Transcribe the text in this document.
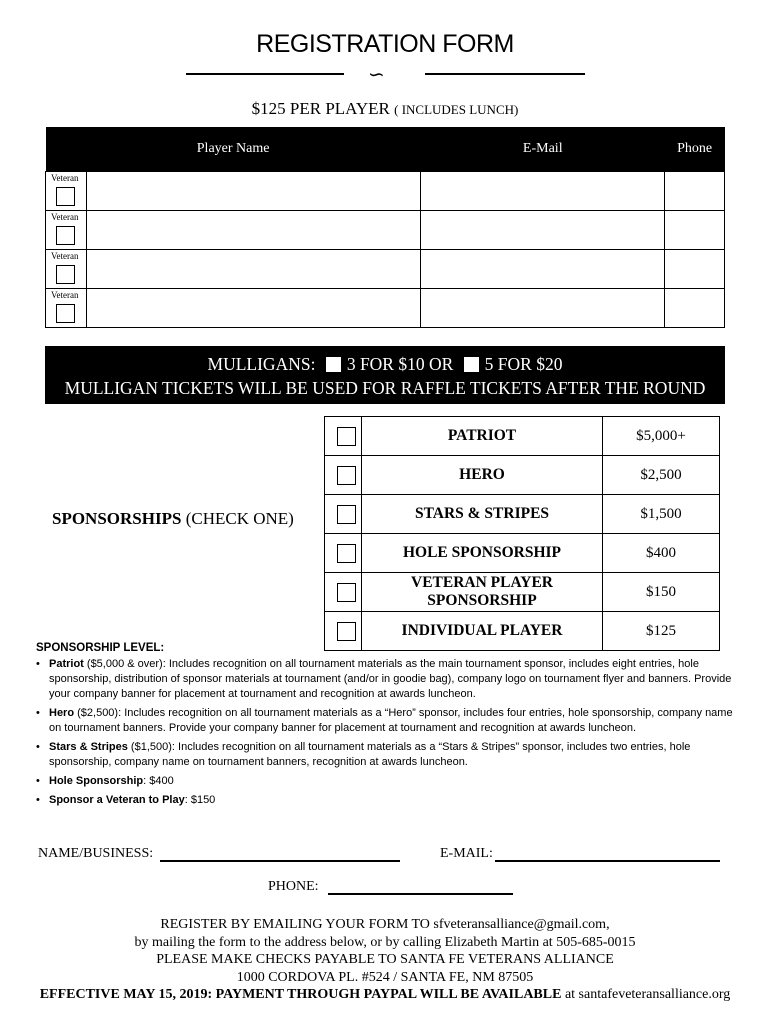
REGISTRATION FORM
∽
$125 PER PLAYER ( INCLUDES LUNCH)
Player Name		E-Mail	Phone

Veteran			

Veteran			

Veteran			

Veteran			

MULLIGANS: 3 FOR $10 OR 5 FOR $20
MULLIGAN TICKETS WILL BE USED FOR RAFFLE TICKETS AFTER THE ROUND
SPONSORSHIPS (CHECK ONE)
	PATRIOT	$5,000+

	HERO	$2,500

	STARS & STRIPES	$1,500

	HOLE SPONSORSHIP	$400

	VETERAN PLAYER SPONSORSHIP	$150

	INDIVIDUAL PLAYER	$125
SPONSORSHIP LEVEL:
• Patriot ($5,000 & over): Includes recognition on all tournament materials as the main tournament sponsor, includes eight entries, hole sponsorship, distribution of sponsor materials at tournament (and/or in goodie bag), company logo on tournament flyer and banners. Provide your company banner for placement at tournament and recognition at awards luncheon.
• Hero ($2,500): Includes recognition on all tournament materials as a “Hero” sponsor, includes four entries, hole sponsorship, company name on tournament banners. Provide your company banner for placement at tournament and recognition at awards luncheon.
• Stars & Stripes ($1,500): Includes recognition on all tournament materials as a “Stars & Stripes” sponsor, includes two entries, hole sponsorship, company name on tournament banners, recognition at awards luncheon.
• Hole Sponsorship: $400
• Sponsor a Veteran to Play: $150
NAME/BUSINESS:	E-MAIL:
PHONE:
REGISTER BY EMAILING YOUR FORM TO sfveteransalliance@gmail.com,
by mailing the form to the address below, or by calling Elizabeth Martin at 505-685-0015
PLEASE MAKE CHECKS PAYABLE TO SANTA FE VETERANS ALLIANCE
1000 CORDOVA PL. #524 / SANTA FE, NM 87505
EFFECTIVE MAY 15, 2019: PAYMENT THROUGH PAYPAL WILL BE AVAILABLE at santafeveteransalliance.org
